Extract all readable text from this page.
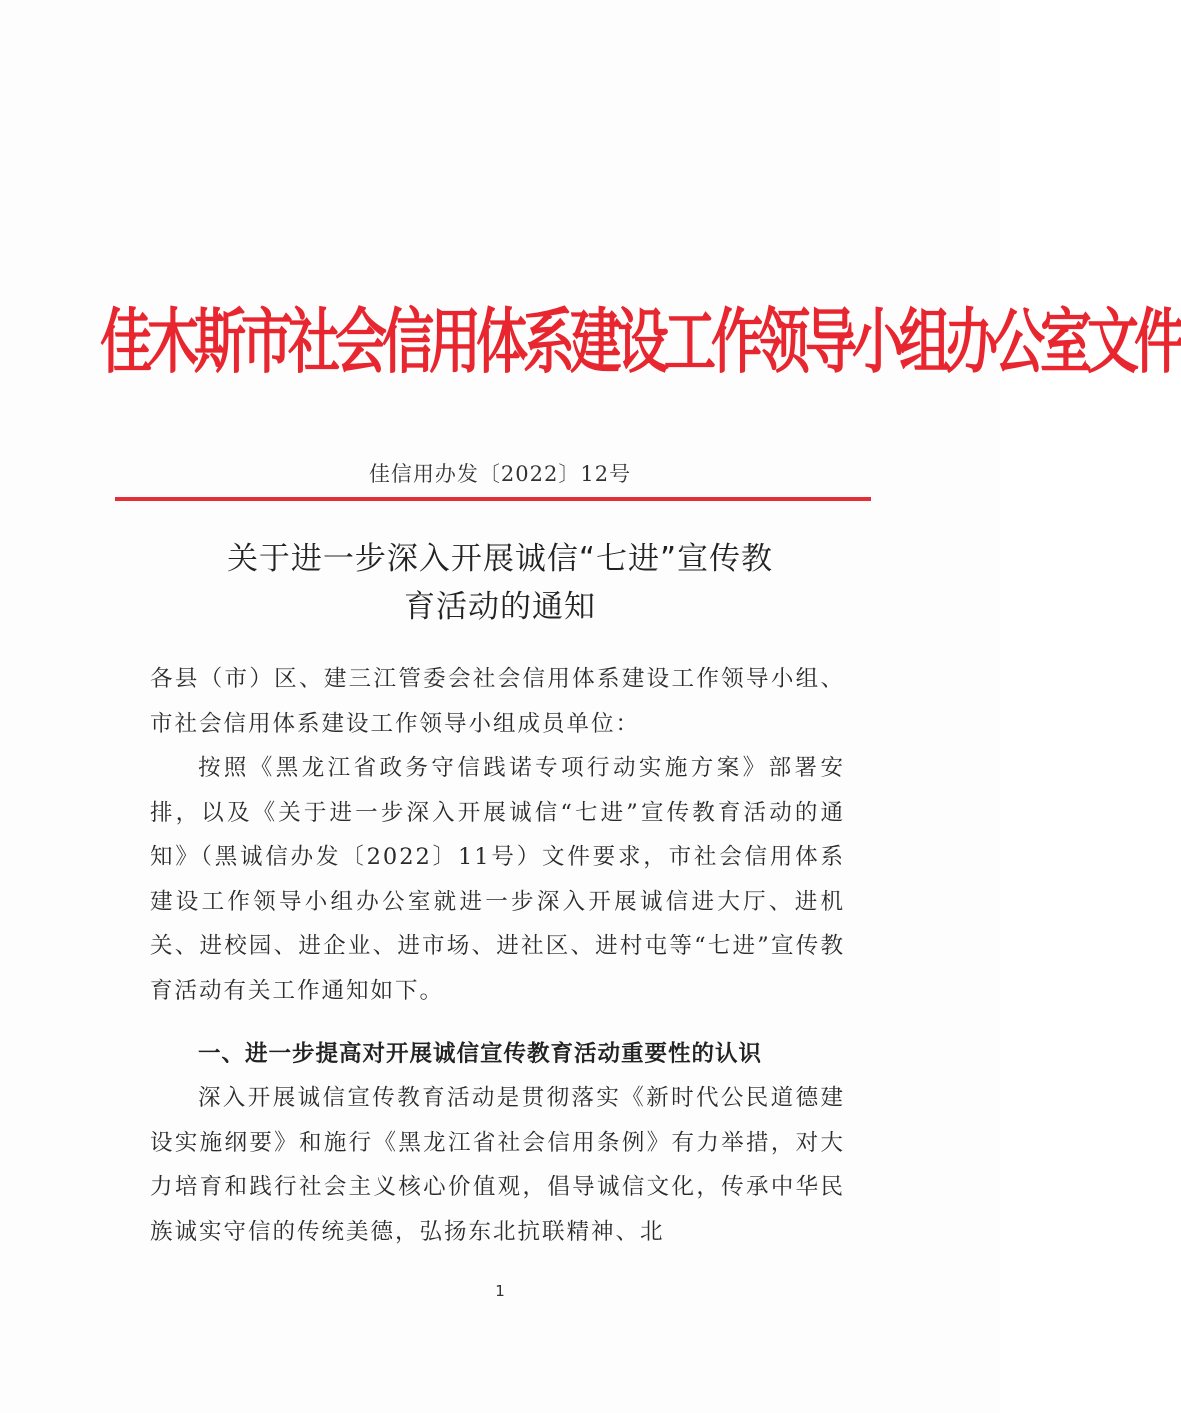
佳木斯市社会信用体系建设工作领导小组办公室文件
佳信用办发〔2022〕12号
关于进一步深入开展诚信“七进”宣传教
育活动的通知
各县（市）区、建三江管委会社会信用体系建设工作领导小组、市社会信用体系建设工作领导小组成员单位：
按照《黑龙江省政务守信践诺专项行动实施方案》部署安排，以及《关于进一步深入开展诚信“七进”宣传教育活动的通知》（黑诚信办发〔2022〕11号）文件要求，市社会信用体系建设工作领导小组办公室就进一步深入开展诚信进大厅、进机关、进校园、进企业、进市场、进社区、进村屯等“七进”宣传教育活动有关工作通知如下。
一、进一步提高对开展诚信宣传教育活动重要性的认识
深入开展诚信宣传教育活动是贯彻落实《新时代公民道德建设实施纲要》和施行《黑龙江省社会信用条例》有力举措，对大力培育和践行社会主义核心价值观，倡导诚信文化，传承中华民族诚实守信的传统美德，弘扬东北抗联精神、北
1
